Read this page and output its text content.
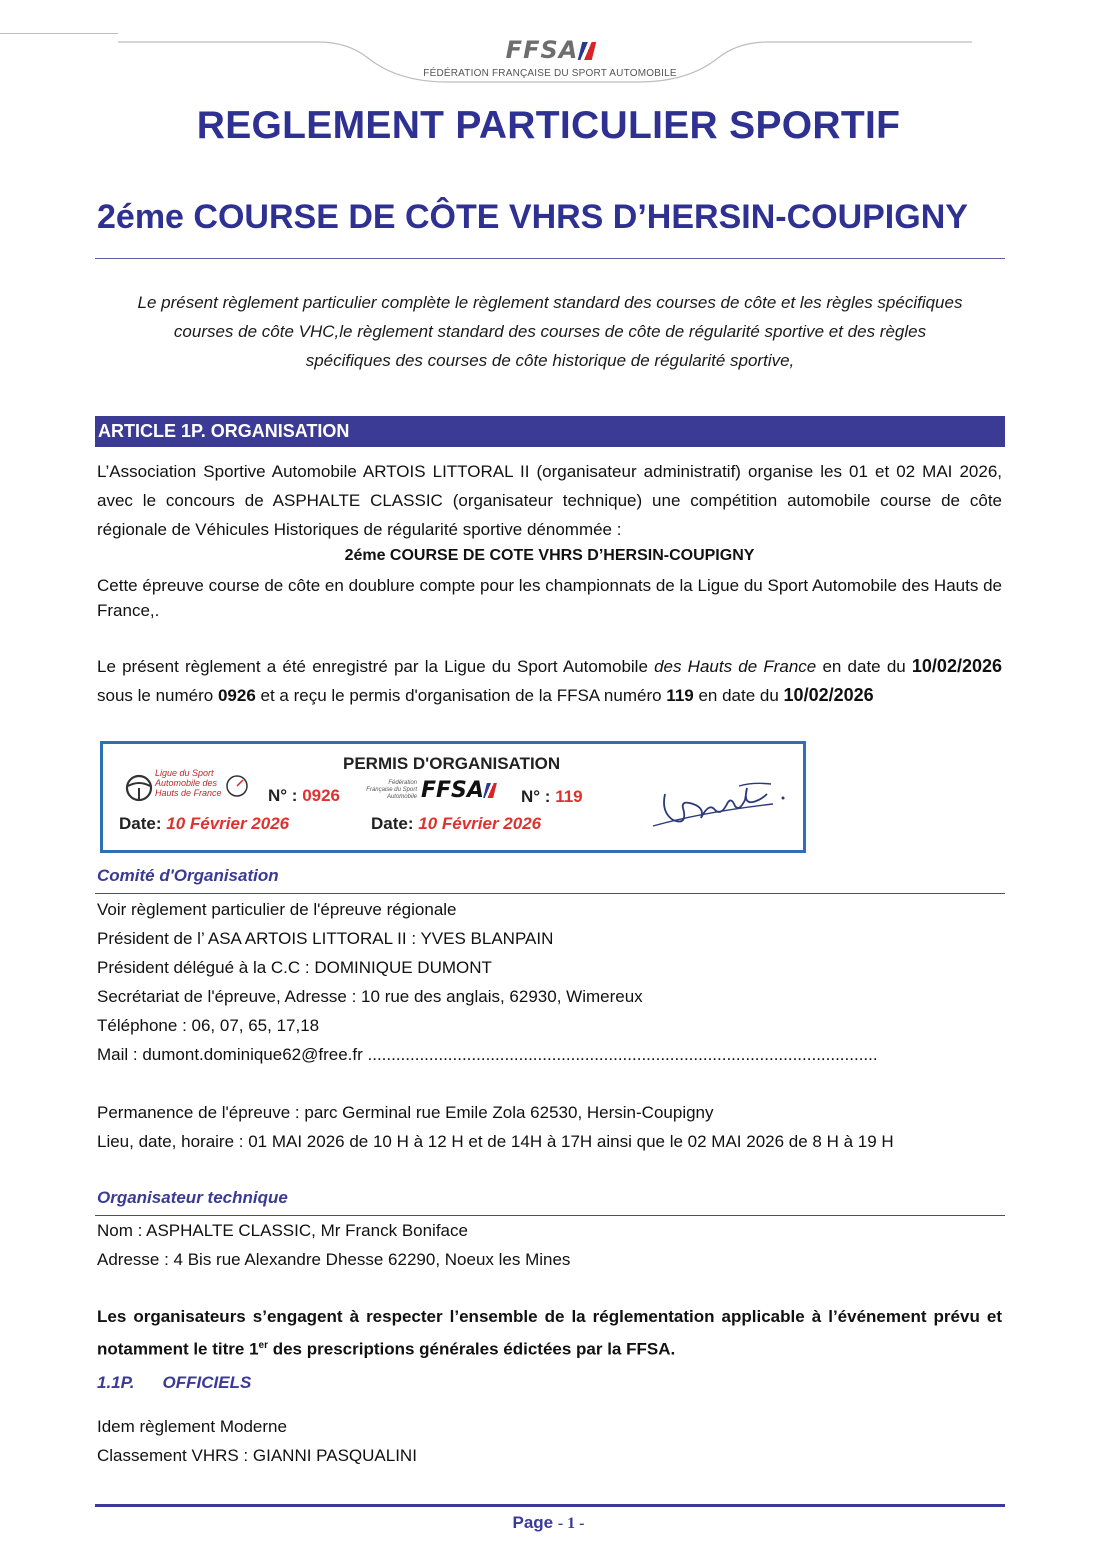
FFSA
FÉDÉRATION FRANÇAISE DU SPORT AUTOMOBILE
REGLEMENT PARTICULIER SPORTIF
2éme COURSE DE CÔTE VHRS D’HERSIN-COUPIGNY
Le présent règlement particulier complète le règlement standard des courses de côte et les règles spécifiques
courses de côte VHC,le règlement standard des courses de côte de régularité sportive et des règles
spécifiques des courses de côte historique de régularité sportive,
ARTICLE 1P. ORGANISATION
L’Association Sportive Automobile ARTOIS LITTORAL II (organisateur administratif) organise les 01 et 02 MAI 2026, avec le concours de ASPHALTE CLASSIC (organisateur technique) une compétition automobile course de côte régionale de Véhicules Historiques de régularité sportive dénommée :
2éme COURSE DE COTE VHRS D’HERSIN-COUPIGNY
Cette épreuve course de côte en doublure compte pour les championnats de la Ligue du Sport Automobile des Hauts de France,.
Le présent règlement a été enregistré par la Ligue du Sport Automobile des Hauts de France en date du 10/02/2026 sous le numéro 0926 et a reçu le permis d'organisation de la FFSA numéro 119 en date du 10/02/2026
PERMIS D'ORGANISATION
Ligue du Sport Automobile des Hauts de France	N° : 0926
Date: 10 Février 2026
Fédération Française du Sport Automobile FFSA	N° : 119
Date: 10 Février 2026
Comité d'Organisation
Voir règlement particulier de l'épreuve régionale
Président de l’ ASA ARTOIS LITTORAL II : YVES BLANPAIN
Président délégué à la C.C : DOMINIQUE DUMONT
Secrétariat de l'épreuve, Adresse : 10 rue des anglais, 62930, Wimereux
Téléphone : 06, 07, 65, 17,18
Mail : dumont.dominique62@free.fr ............................................................................................................
Permanence de l'épreuve : parc Germinal rue Emile Zola 62530, Hersin-Coupigny
Lieu, date, horaire : 01 MAI 2026 de 10 H à 12 H et de 14H à 17H ainsi que le 02 MAI 2026 de 8 H à 19 H
Organisateur technique
Nom : ASPHALTE CLASSIC, Mr Franck Boniface
Adresse : 4 Bis rue Alexandre Dhesse 62290, Noeux les Mines
Les organisateurs s’engagent à respecter l’ensemble de la réglementation applicable à l’événement prévu et notamment le titre 1er des prescriptions générales édictées par la FFSA.
1.1P. OFFICIELS
Idem règlement Moderne
Classement VHRS : GIANNI PASQUALINI
Page - 1 -
